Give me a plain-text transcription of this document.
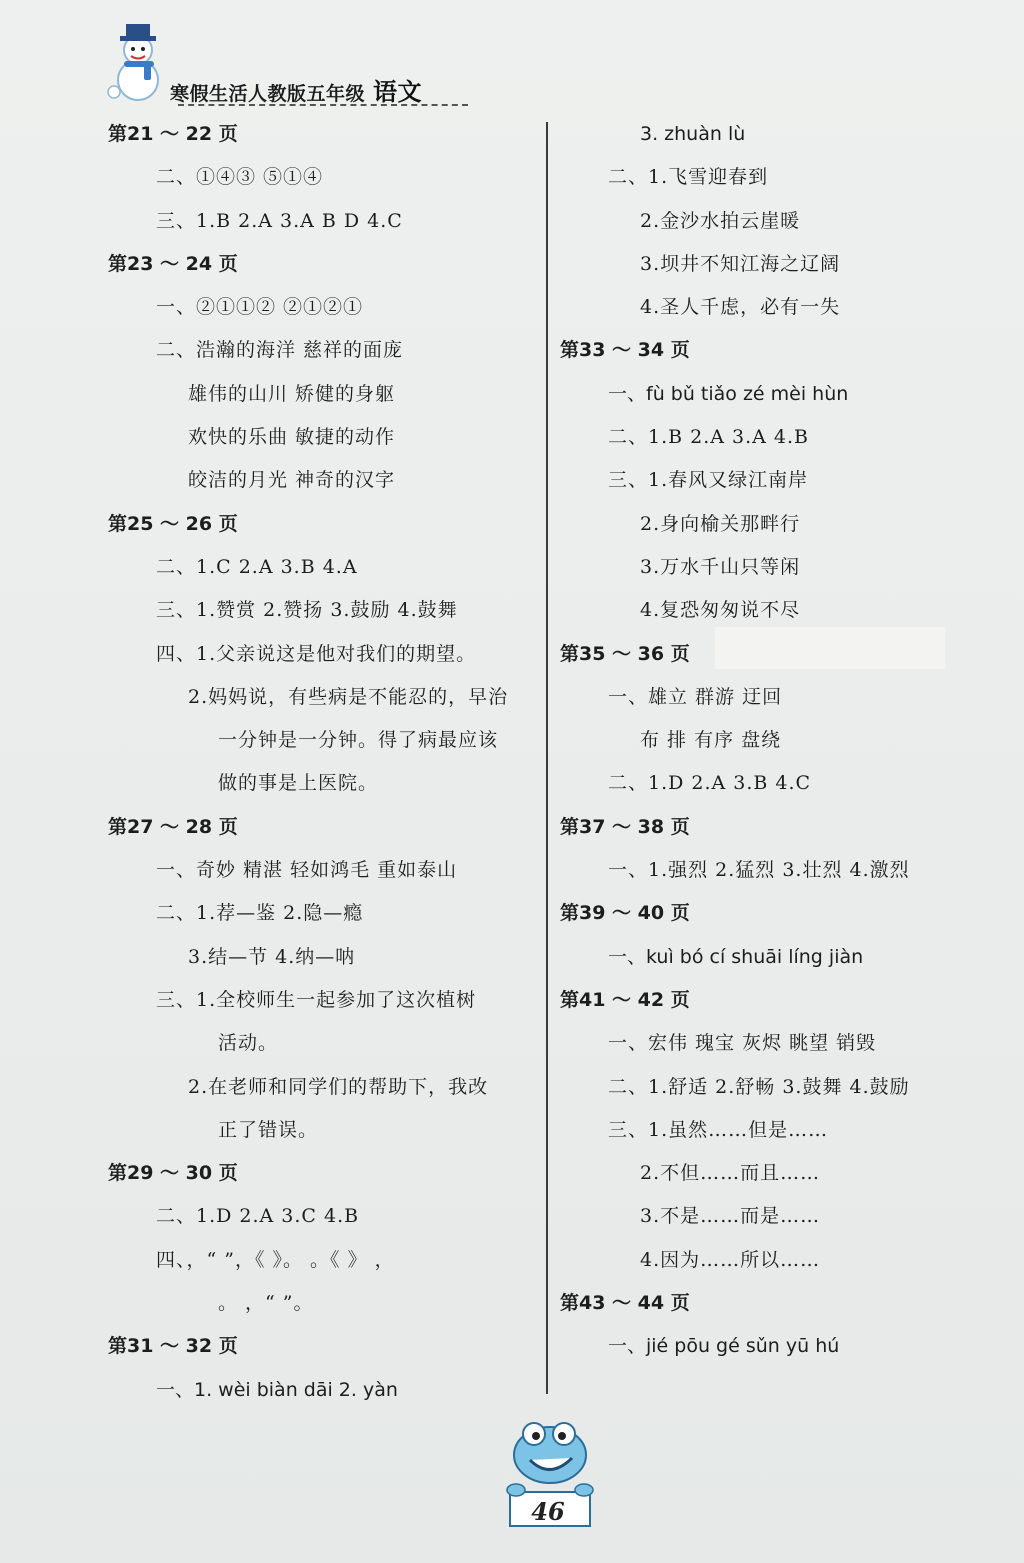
寒假生活人教版五年级 语文
第21 ～ 22 页
二、①④③ ⑤①④
三、1.B 2.A 3.A B D 4.C
第23 ～ 24 页
一、②①①② ②①②①
二、浩瀚的海洋 慈祥的面庞
雄伟的山川 矫健的身躯
欢快的乐曲 敏捷的动作
皎洁的月光 神奇的汉字
第25 ～ 26 页
二、1.C 2.A 3.B 4.A
三、1.赞赏 2.赞扬 3.鼓励 4.鼓舞
四、1.父亲说这是他对我们的期望。
2.妈妈说，有些病是不能忍的，早治
一分钟是一分钟。得了病最应该
做的事是上医院。
第27 ～ 28 页
一、奇妙 精湛 轻如鸿毛 重如泰山
二、1.荐—鉴 2.隐—瘾
3.结—节 4.纳—呐
三、1.全校师生一起参加了这次植树
活动。
2.在老师和同学们的帮助下，我改
正了错误。
第29 ～ 30 页
二、1.D 2.A 3.C 4.B
四、，“ ”，《 》。 。《 》 ，
。 ，“ ”。
第31 ～ 32 页
一、1. wèi biàn dāi 2. yàn
3. zhuàn lù
二、1.飞雪迎春到
2.金沙水拍云崖暖
3.坝井不知江海之辽阔
4.圣人千虑，必有一失
第33 ～ 34 页
一、fù bǔ tiǎo zé mèi hùn
二、1.B 2.A 3.A 4.B
三、1.春风又绿江南岸
2.身向榆关那畔行
3.万水千山只等闲
4.复恐匆匆说不尽
第35 ～ 36 页
一、雄立 群游 迂回
布 排 有序 盘绕
二、1.D 2.A 3.B 4.C
第37 ～ 38 页
一、1.强烈 2.猛烈 3.壮烈 4.激烈
第39 ～ 40 页
一、kuì bó cí shuāi líng jiàn
第41 ～ 42 页
一、宏伟 瑰宝 灰烬 眺望 销毁
二、1.舒适 2.舒畅 3.鼓舞 4.鼓励
三、1.虽然……但是……
2.不但……而且……
3.不是……而是……
4.因为……所以……
第43 ～ 44 页
一、jié pōu gé sǔn yū hú
46
